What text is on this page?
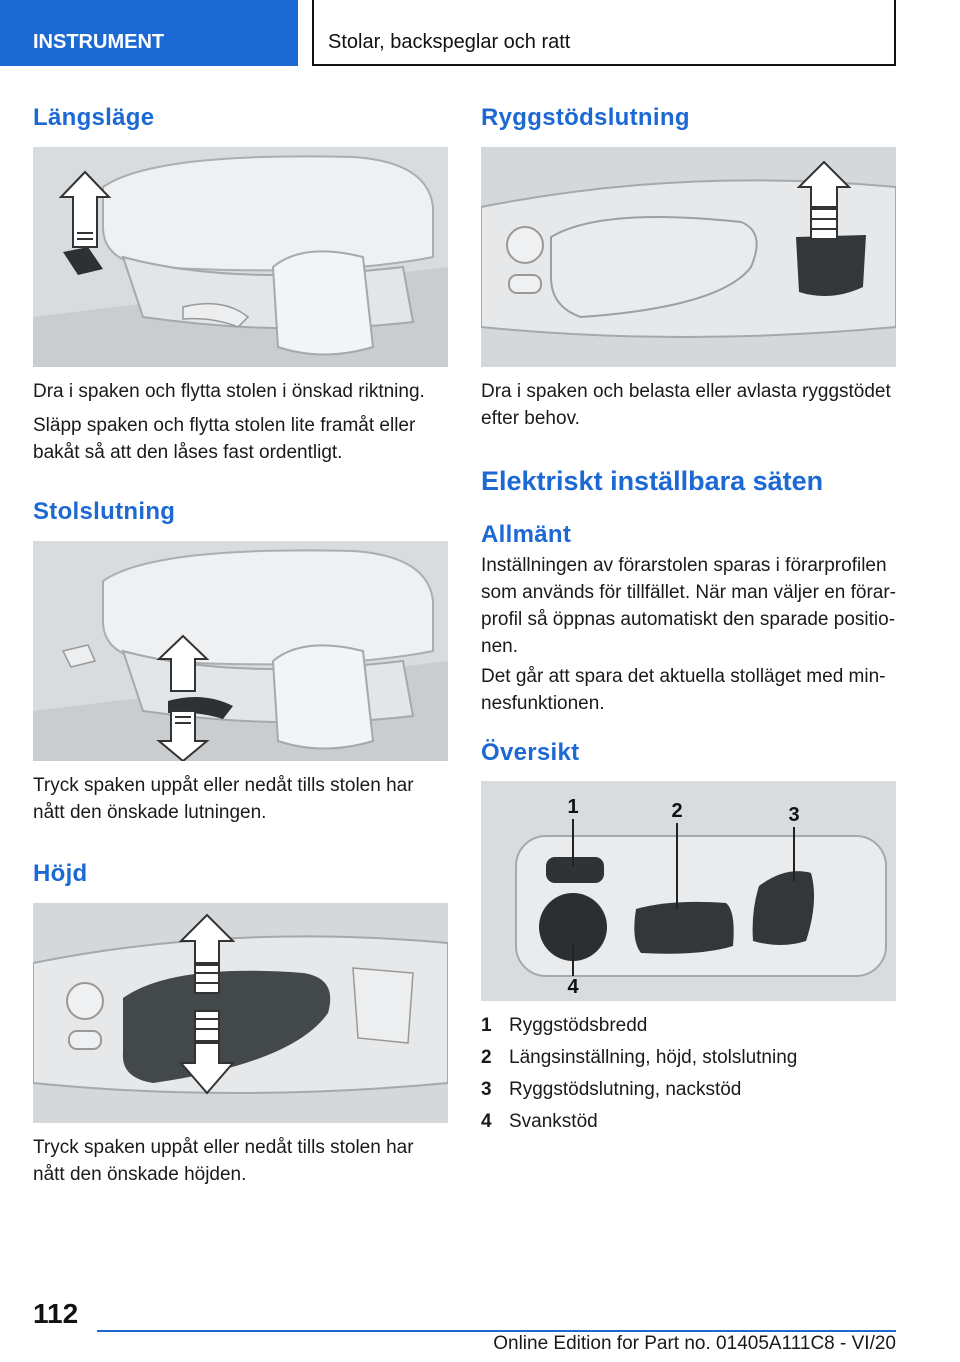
INSTRUMENT	Stolar, backspeglar och ratt
Längsläge

Dra i spaken och flytta stolen i önskad riktning.

Släpp spaken och flytta stolen lite framåt eller bakåt så att den låses fast ordentligt.

Stolslutning

Tryck spaken uppåt eller nedåt tills stolen har nått den önskade lutningen.

Höjd

Tryck spaken uppåt eller nedåt tills stolen har nått den önskade höjden.

Ryggstödslutning

Dra i spaken och belasta eller avlasta ryggstödet efter behov.

Elektriskt inställbara säten
Allmänt

Inställningen av förarstolen sparas i förarprofilen som används för tillfället. När man väljer en förarprofil så öppnas automatiskt den sparade positionen.

Det går att spara det aktuella stolläget med minnesfunktionen.

Översikt
1	2	3
4
1 Ryggstödsbredd
2 Längsinställning, höjd, stolslutning
3 Ryggstödslutning, nackstöd
4 Svankstöd
112
Online Edition for Part no. 01405A111C8 - VI/20
